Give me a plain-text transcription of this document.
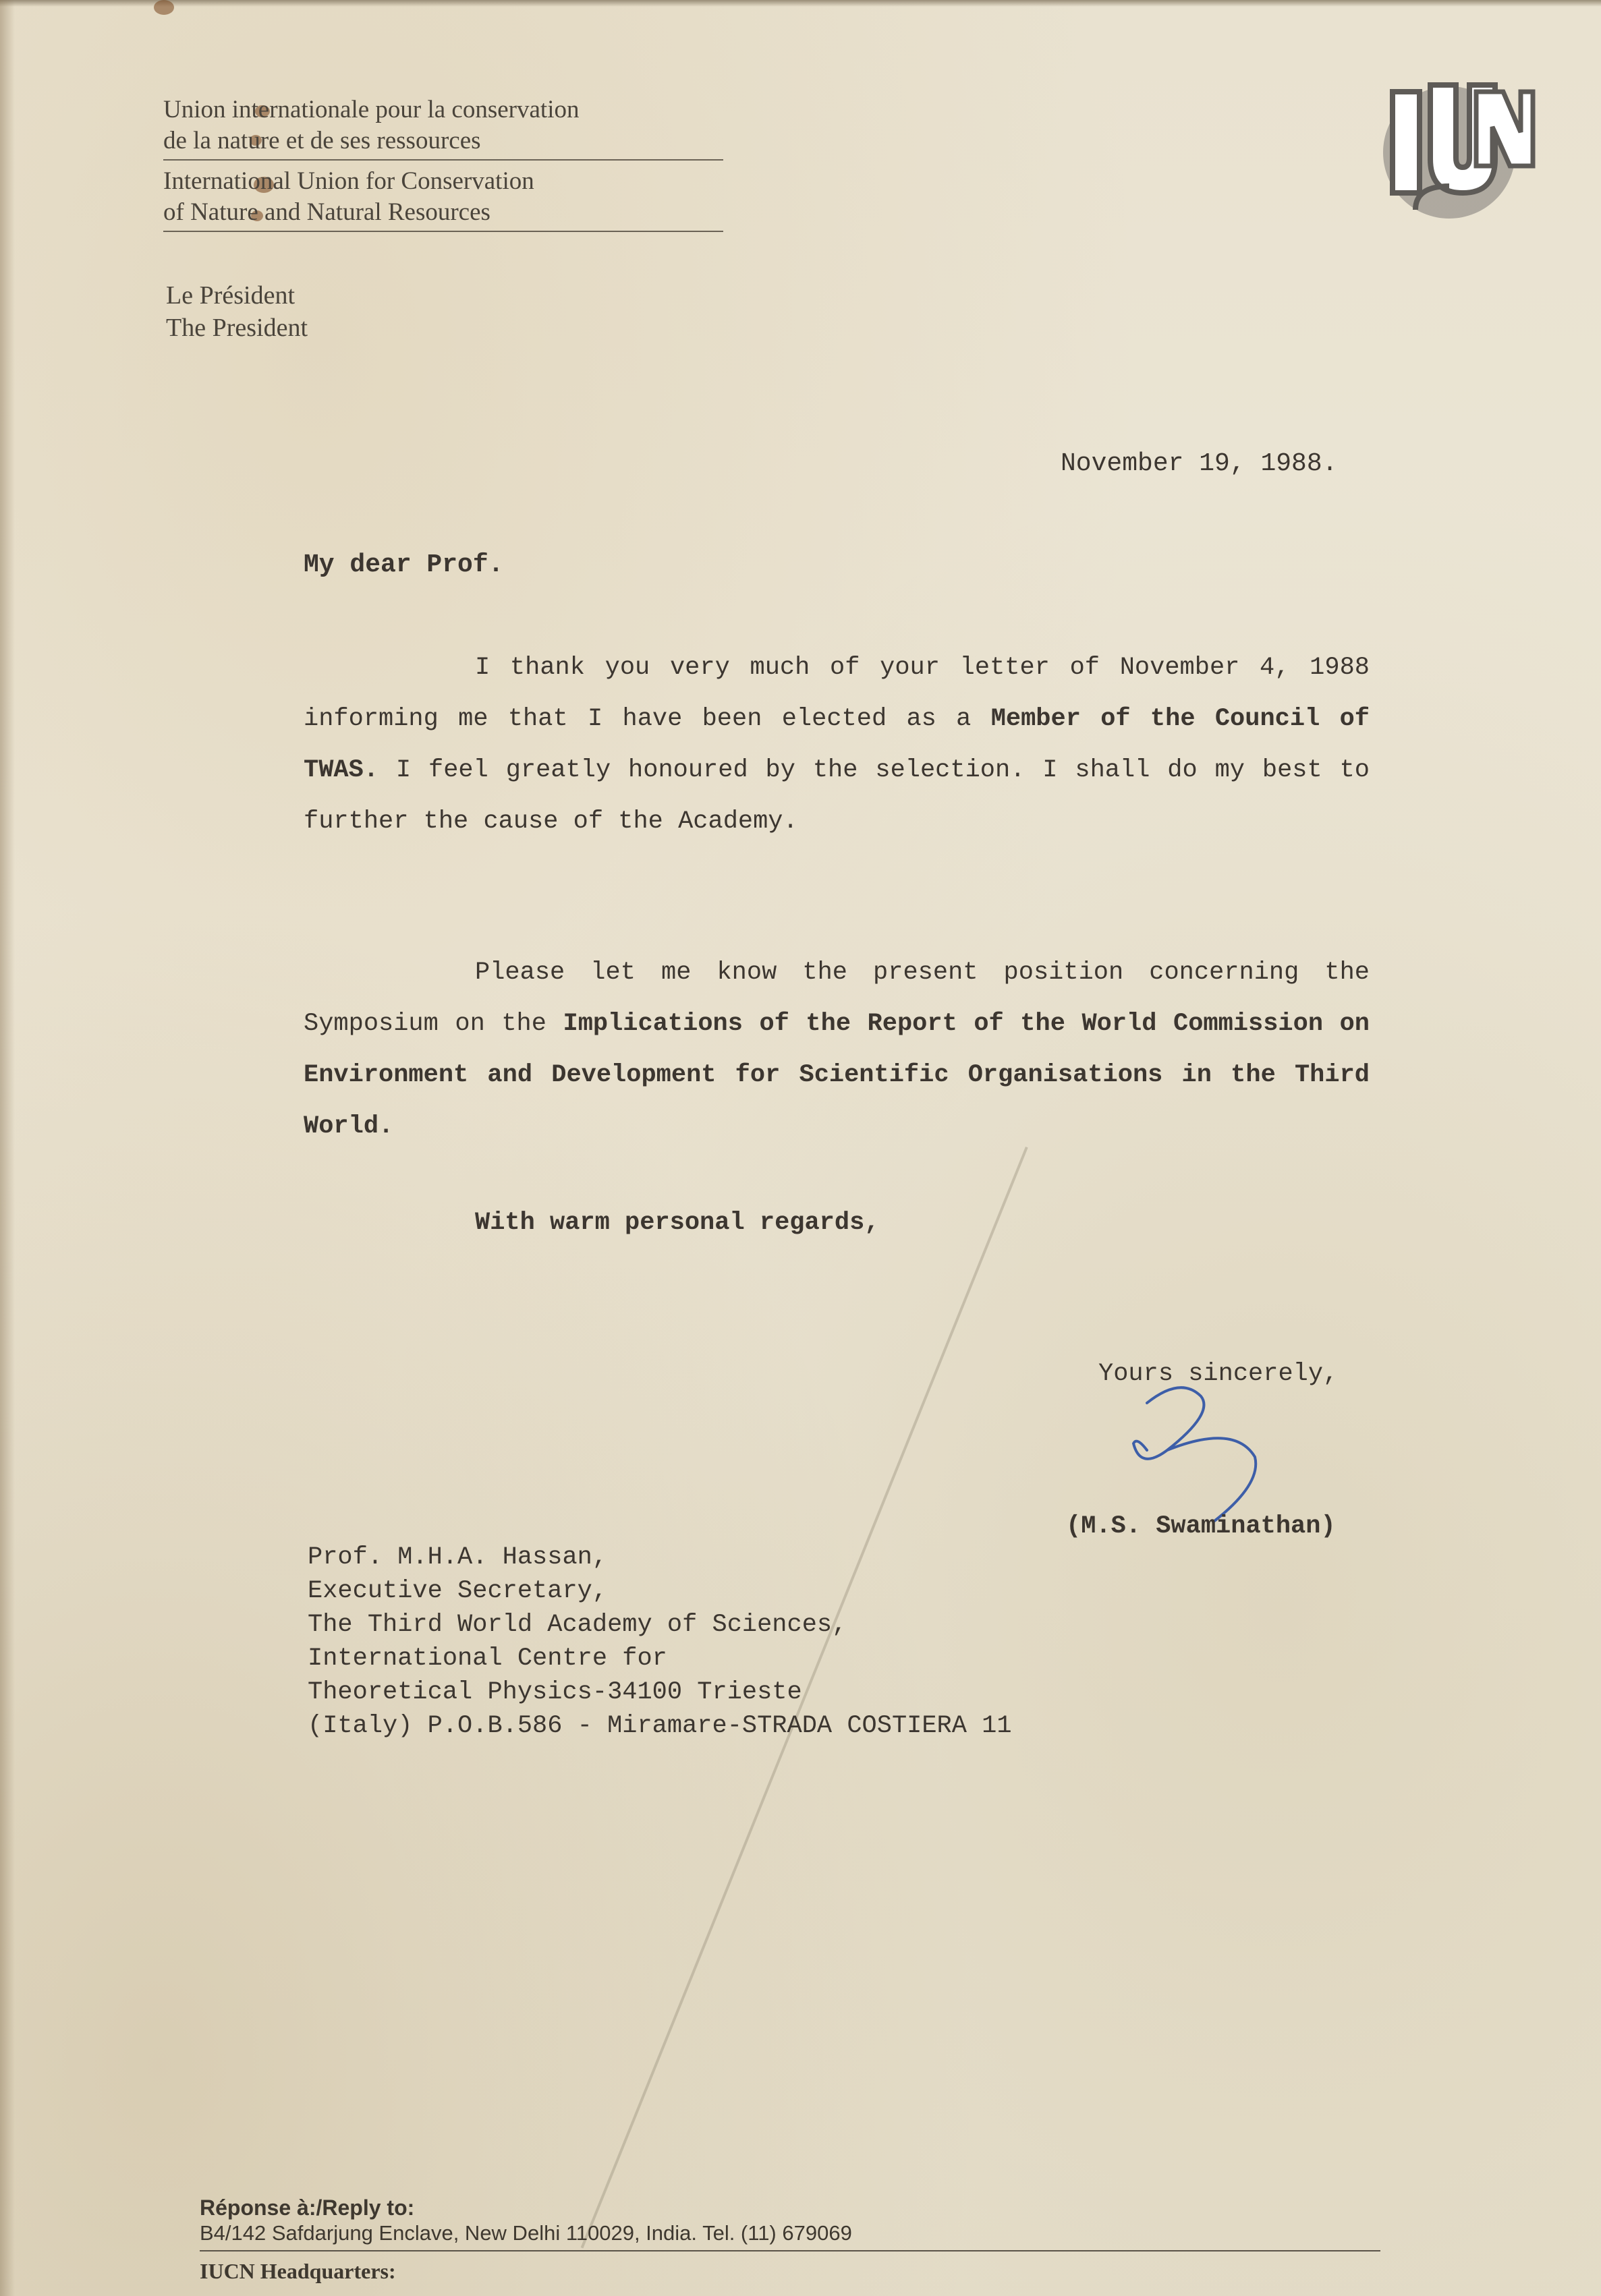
Union internationale pour la conservation
de la nature et de ses ressources
International Union for Conservation
of Nature and Natural Resources
Le Président
The President
November 19, 1988.
My dear Prof.
I thank you very much of your letter of November 4, 1988 informing me that I have been elected as a Member of the Council of TWAS. I feel greatly honoured by the selection. I shall do my best to further the cause of the Academy.
Please let me know the present position concerning the Symposium on the Implications of the Report of the World Commission on Environment and Development for Scientific Organisations in the Third World.
With warm personal regards,
Yours sincerely,
(M.S. Swaminathan)
Prof. M.H.A. Hassan,
Executive Secretary,
The Third World Academy of Sciences,
International Centre for
Theoretical Physics-34100 Trieste
(Italy) P.O.B.586 - Miramare-STRADA COSTIERA 11
Réponse à:/Reply to:
B4/142 Safdarjung Enclave, New Delhi 110029, India. Tel. (11) 679069
IUCN Headquarters:
